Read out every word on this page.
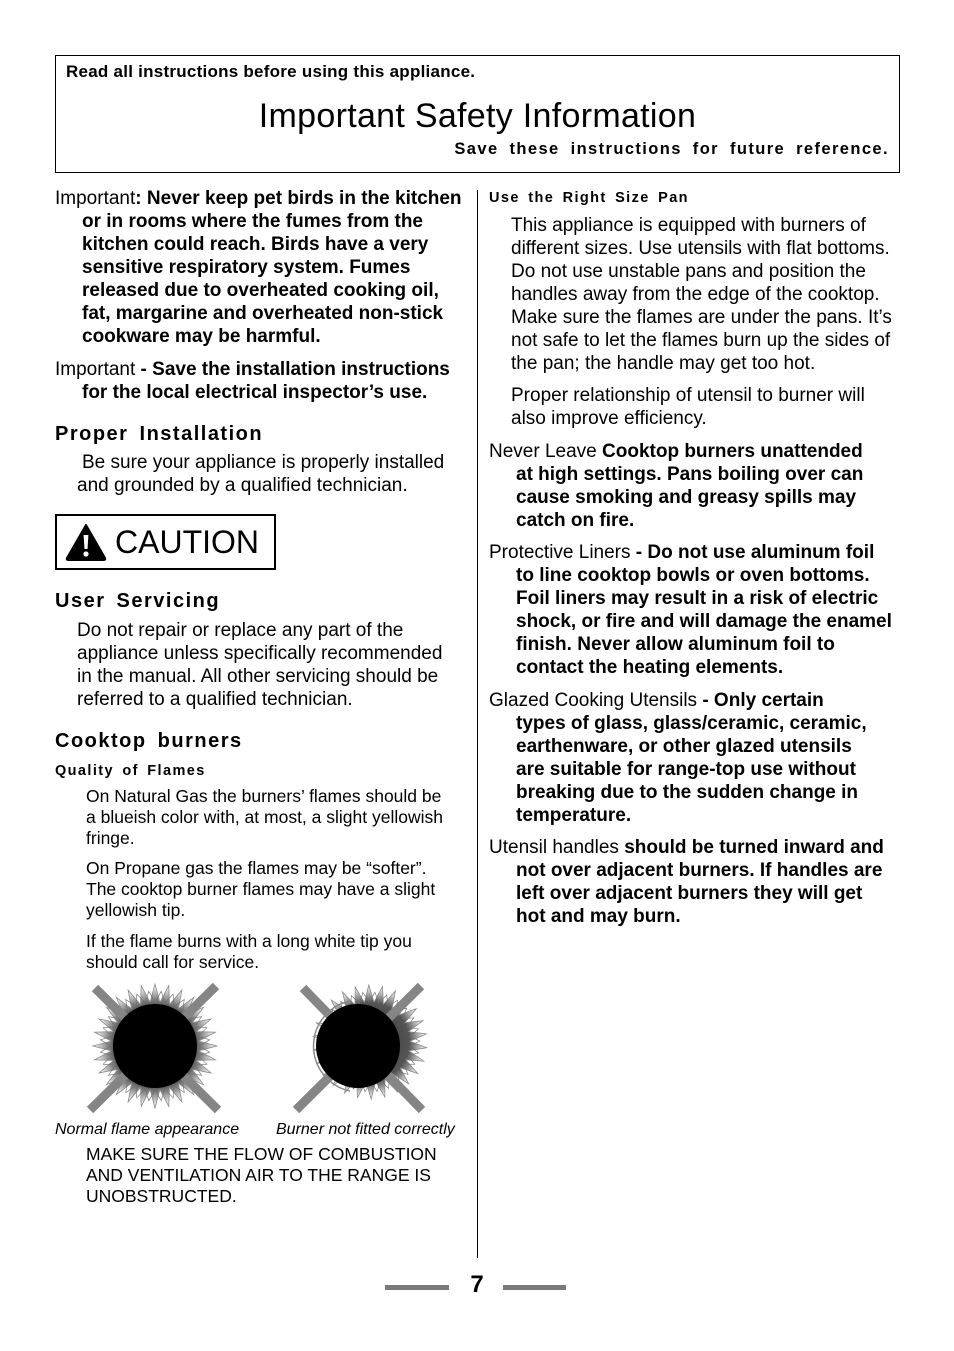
Read all instructions before using this appliance.
Important Safety Information
Save these instructions for future reference.
Important: Never keep pet birds in the kitchen
or in rooms where the fumes from the
kitchen could reach. Birds have a very
sensitive respiratory system. Fumes
released due to overheated cooking oil,
fat, margarine and overheated non-stick
cookware may be harmful.
Important - Save the installation instructions
for the local electrical inspector’s use.
Proper Installation
Be sure your appliance is properly installed
and grounded by a qualified technician.
CAUTION
User Servicing
Do not repair or replace any part of the
appliance unless specifically recommended
in the manual. All other servicing should be
referred to a qualified technician.
Cooktop burners
Quality of Flames
On Natural Gas the burners’ flames should be
a blueish color with, at most, a slight yellowish
fringe.
On Propane gas the flames may be “softer”.
The cooktop burner flames may have a slight
yellowish tip.
If the flame burns with a long white tip you
should call for service.
Normal flame appearance Burner not fitted correctly
MAKE SURE THE FLOW OF COMBUSTION
AND VENTILATION AIR TO THE RANGE IS
UNOBSTRUCTED.
Use the Right Size Pan
This appliance is equipped with burners of
different sizes. Use utensils with flat bottoms.
Do not use unstable pans and position the
handles away from the edge of the cooktop.
Make sure the flames are under the pans. It’s
not safe to let the flames burn up the sides of
the pan; the handle may get too hot.
Proper relationship of utensil to burner will
also improve efficiency.
Never Leave Cooktop burners unattended
at high settings. Pans boiling over can
cause smoking and greasy spills may
catch on fire.
Protective Liners - Do not use aluminum foil
to line cooktop bowls or oven bottoms.
Foil liners may result in a risk of electric
shock, or fire and will damage the enamel
finish. Never allow aluminum foil to
contact the heating elements.
Glazed Cooking Utensils - Only certain
types of glass, glass/ceramic, ceramic,
earthenware, or other glazed utensils
are suitable for range-top use without
breaking due to the sudden change in
temperature.
Utensil handles should be turned inward and
not over adjacent burners. If handles are
left over adjacent burners they will get
hot and may burn.
7
